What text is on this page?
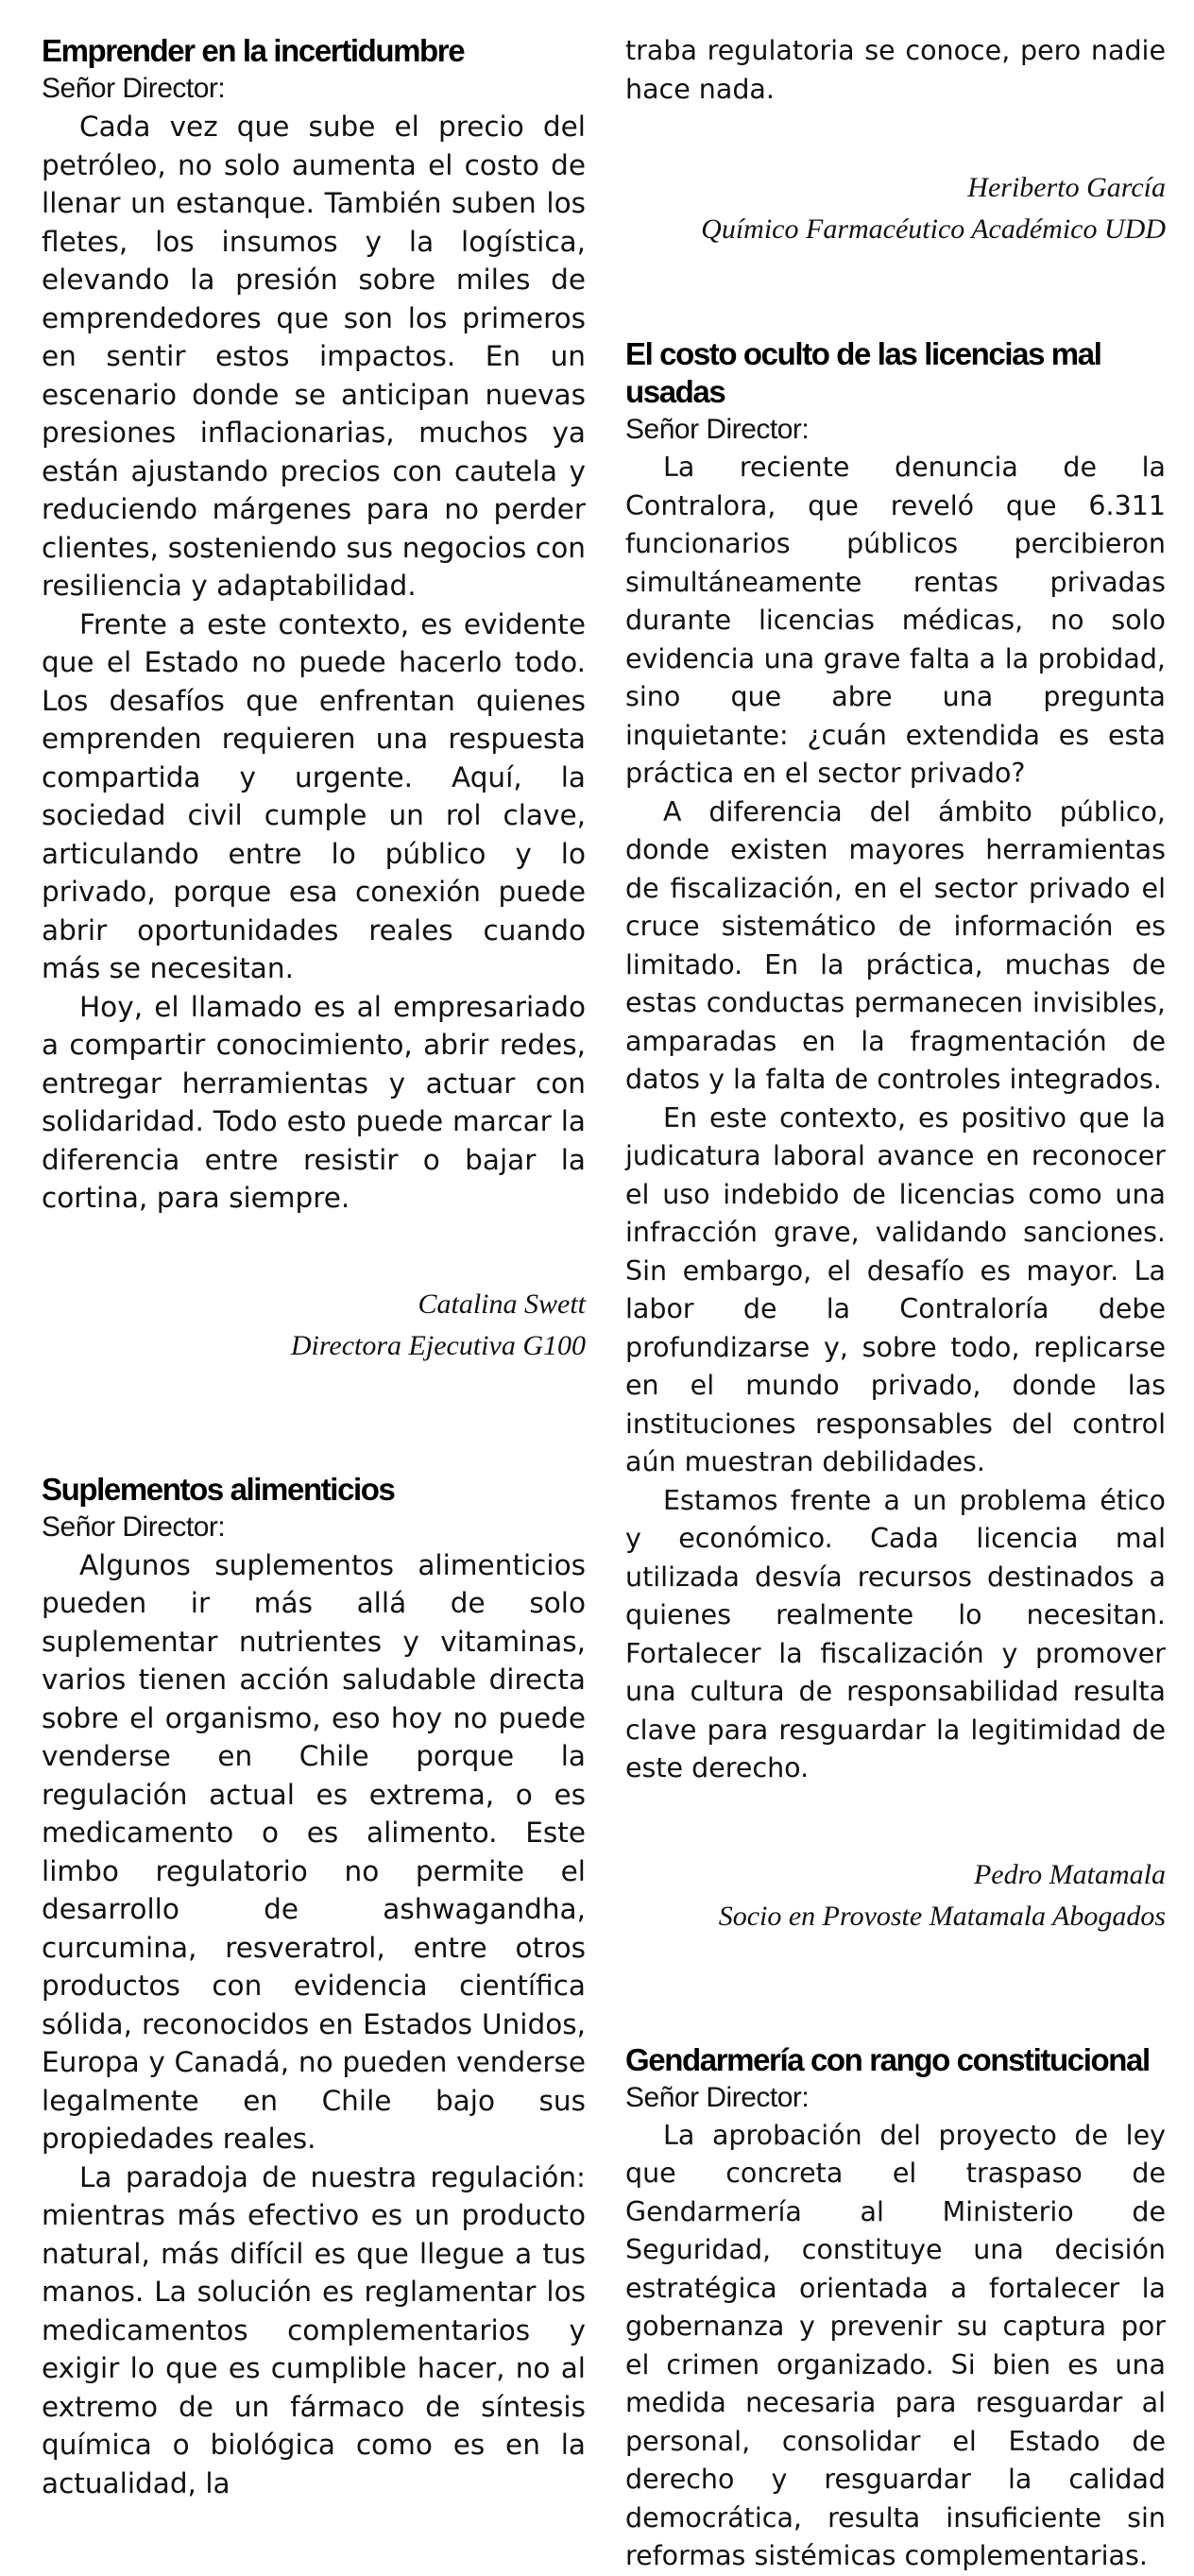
Emprender en la incertidumbre

Señor Director:

Cada vez que sube el precio del petróleo, no solo aumenta el costo de llenar un estanque. También suben los fletes, los insumos y la logística, elevando la presión sobre miles de emprendedores que son los primeros en sentir estos impactos. En un escenario donde se anticipan nuevas presiones inflacionarias, muchos ya están ajustando precios con cautela y reduciendo márgenes para no perder clientes, sosteniendo sus negocios con resiliencia y adaptabilidad.

Frente a este contexto, es evidente que el Estado no puede hacerlo todo. Los desafíos que enfrentan quienes emprenden requieren una respuesta compartida y urgente. Aquí, la sociedad civil cumple un rol clave, articulando entre lo público y lo privado, porque esa conexión puede abrir oportunidades reales cuando más se necesitan.

Hoy, el llamado es al empresariado a compartir conocimiento, abrir redes, entregar herramientas y actuar con solidaridad. Todo esto puede marcar la diferencia entre resistir o bajar la cortina, para siempre.

Catalina Swett

Directora Ejecutiva G100

Suplementos alimenticios

Señor Director:

Algunos suplementos alimenticios pueden ir más allá de solo suplementar nutrientes y vitaminas, varios tienen acción saludable directa sobre el organismo, eso hoy no puede venderse en Chile porque la regulación actual es extrema, o es medicamento o es alimento. Este limbo regulatorio no permite el desarrollo de ashwagandha, curcumina, resveratrol, entre otros productos con evidencia científica sólida, reconocidos en Estados Unidos, Europa y Canadá, no pueden venderse legalmente en Chile bajo sus propiedades reales.

La paradoja de nuestra regulación: mientras más efectivo es un producto natural, más difícil es que llegue a tus manos. La solución es reglamentar los medicamentos complementarios y exigir lo que es cumplible hacer, no al extremo de un fármaco de síntesis química o biológica como es en la actualidad, la

traba regulatoria se conoce, pero nadie hace nada.

Heriberto García

Químico Farmacéutico Académico UDD

El costo oculto de las licencias mal usadas

Señor Director:

La reciente denuncia de la Contralora, que reveló que 6.311 funcionarios públicos percibieron simultáneamente rentas privadas durante licencias médicas, no solo evidencia una grave falta a la probidad, sino que abre una pregunta inquietante: ¿cuán extendida es esta práctica en el sector privado?

A diferencia del ámbito público, donde existen mayores herramientas de fiscalización, en el sector privado el cruce sistemático de información es limitado. En la práctica, muchas de estas conductas permanecen invisibles, amparadas en la fragmentación de datos y la falta de controles integrados.

En este contexto, es positivo que la judicatura laboral avance en reconocer el uso indebido de licencias como una infracción grave, validando sanciones. Sin embargo, el desafío es mayor. La labor de la Contraloría debe profundizarse y, sobre todo, replicarse en el mundo privado, donde las instituciones responsables del control aún muestran debilidades.

Estamos frente a un problema ético y económico. Cada licencia mal utilizada desvía recursos destinados a quienes realmente lo necesitan. Fortalecer la fiscalización y promover una cultura de responsabilidad resulta clave para resguardar la legitimidad de este derecho.

Pedro Matamala

Socio en Provoste Matamala Abogados

Gendarmería con rango constitucional

Señor Director:

La aprobación del proyecto de ley que concreta el traspaso de Gendarmería al Ministerio de Seguridad, constituye una decisión estratégica orientada a fortalecer la gobernanza y prevenir su captura por el crimen organizado. Si bien es una medida necesaria para resguardar al personal, consolidar el Estado de derecho y resguardar la calidad democrática, resulta insuficiente sin reformas sistémicas complementarias.
